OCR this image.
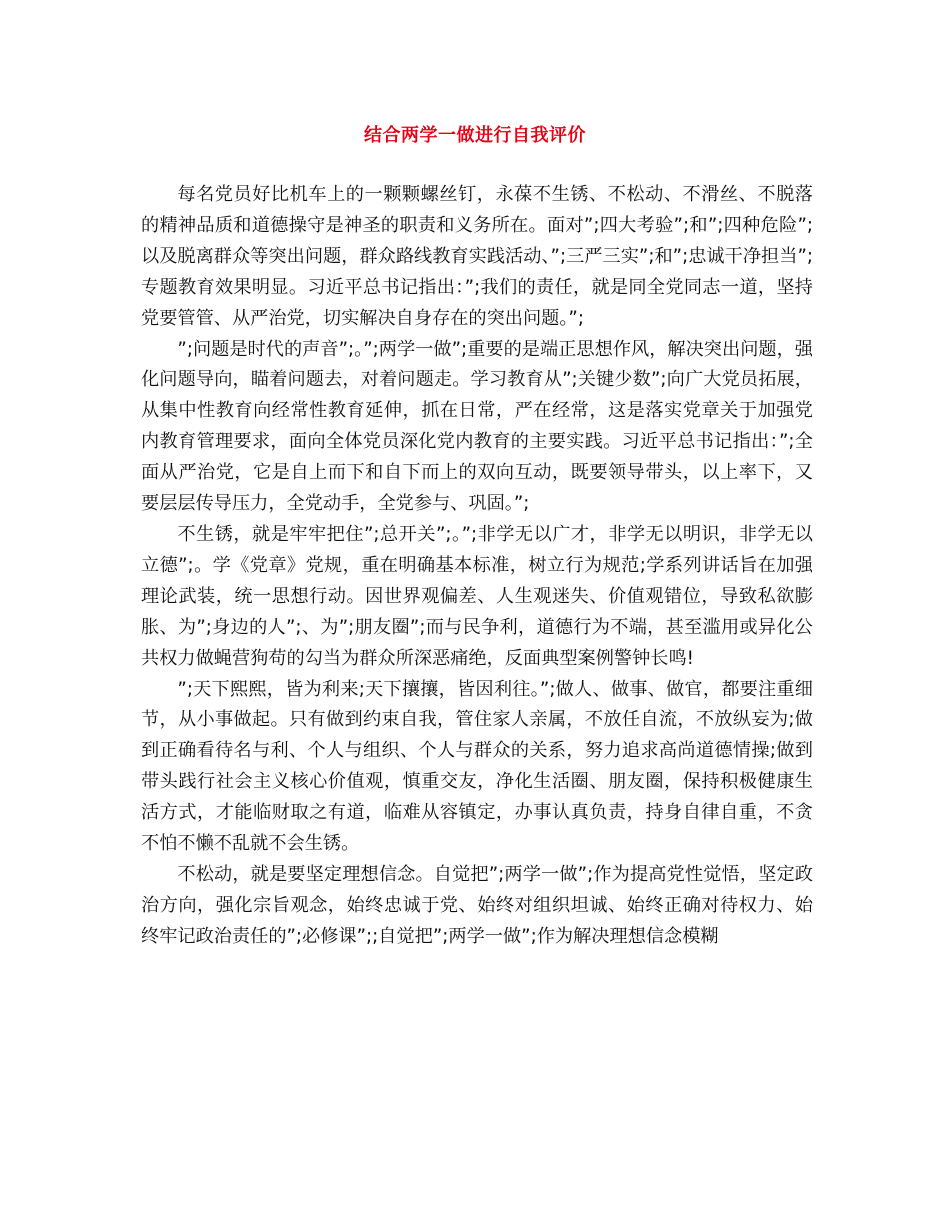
结合两学一做进行自我评价

每名党员好比机车上的一颗颗螺丝钉，永葆不生锈、不松动、不滑丝、不脱落的精神品质和道德操守是神圣的职责和义务所在。面对”;四大考验”;和”;四种危险”;以及脱离群众等突出问题，群众路线教育实践活动、”;三严三实”;和”;忠诚干净担当”;专题教育效果明显。习近平总书记指出：”;我们的责任，就是同全党同志一道，坚持党要管管、从严治党，切实解决自身存在的突出问题。”;

”;问题是时代的声音”;。”;两学一做”;重要的是端正思想作风，解决突出问题，强化问题导向，瞄着问题去，对着问题走。学习教育从”;关键少数”;向广大党员拓展，从集中性教育向经常性教育延伸，抓在日常，严在经常，这是落实党章关于加强党内教育管理要求，面向全体党员深化党内教育的主要实践。习近平总书记指出：”;全面从严治党，它是自上而下和自下而上的双向互动，既要领导带头，以上率下，又要层层传导压力，全党动手，全党参与、巩固。”;

不生锈，就是牢牢把住”;总开关”;。”;非学无以广才，非学无以明识，非学无以立德”;。学《党章》党规，重在明确基本标准，树立行为规范;学系列讲话旨在加强理论武装，统一思想行动。因世界观偏差、人生观迷失、价值观错位，导致私欲膨胀、为”;身边的人”;、为”;朋友圈”;而与民争利，道德行为不端，甚至滥用或异化公共权力做蝇营狗苟的勾当为群众所深恶痛绝，反面典型案例警钟长鸣!

”;天下熙熙，皆为利来;天下攘攘，皆因利往。”;做人、做事、做官，都要注重细节，从小事做起。只有做到约束自我，管住家人亲属，不放任自流，不放纵妄为;做到正确看待名与利、个人与组织、个人与群众的关系，努力追求高尚道德情操;做到带头践行社会主义核心价值观，慎重交友，净化生活圈、朋友圈，保持积极健康生活方式，才能临财取之有道，临难从容镇定，办事认真负责，持身自律自重，不贪不怕不懒不乱就不会生锈。

不松动，就是要坚定理想信念。自觉把”;两学一做”;作为提高党性觉悟，坚定政治方向，强化宗旨观念，始终忠诚于党、始终对组织坦诚、始终正确对待权力、始终牢记政治责任的”;必修课”;;自觉把”;两学一做”;作为解决理想信念模糊
